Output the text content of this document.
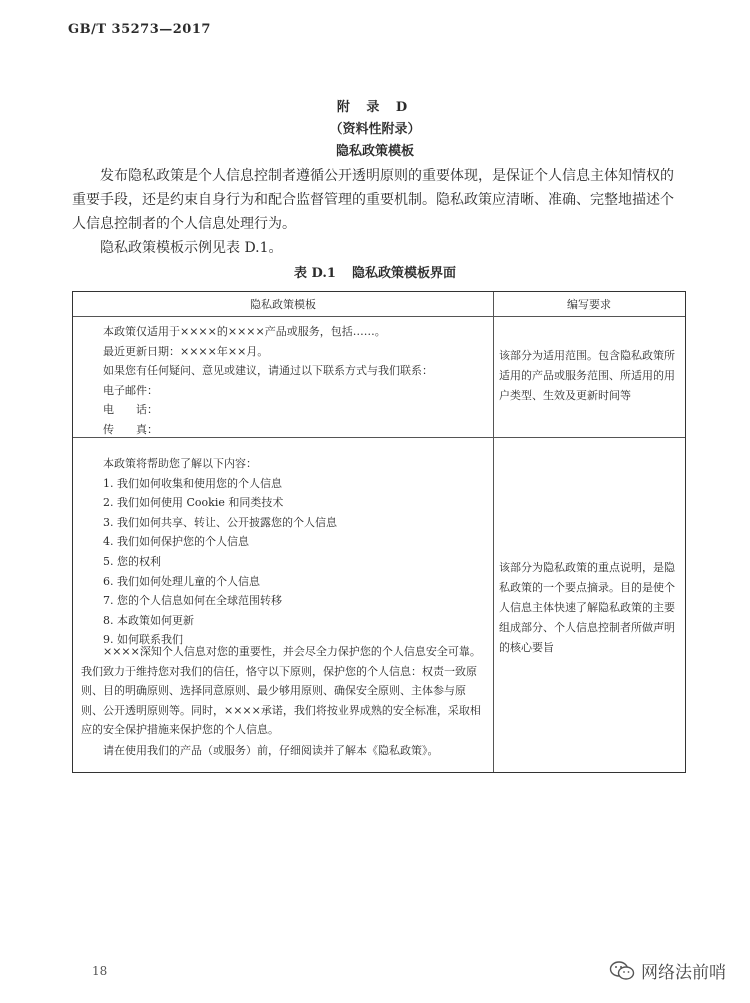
GB/T 35273—2017
附 录 D
（资料性附录）
隐私政策模板
发布隐私政策是个人信息控制者遵循公开透明原则的重要体现，是保证个人信息主体知情权的重要手段，还是约束自身行为和配合监督管理的重要机制。隐私政策应清晰、准确、完整地描述个人信息控制者的个人信息处理行为。
隐私政策模板示例见表 D.1。
表 D.1 隐私政策模板界面
隐私政策模板	编写要求
本政策仅适用于××××的××××产品或服务，包括……。
最近更新日期：××××年××月。
如果您有任何疑问、意见或建议，请通过以下联系方式与我们联系：
电子邮件：
电　　话：
传　　真：
该部分为适用范围。包含隐私政策所适用的产品或服务范围、所适用的用户类型、生效及更新时间等
本政策将帮助您了解以下内容：
1. 我们如何收集和使用您的个人信息
2. 我们如何使用 Cookie 和同类技术
3. 我们如何共享、转让、公开披露您的个人信息
4. 我们如何保护您的个人信息
5. 您的权利
6. 我们如何处理儿童的个人信息
7. 您的个人信息如何在全球范围转移
8. 本政策如何更新
9. 如何联系我们
××××深知个人信息对您的重要性，并会尽全力保护您的个人信息安全可靠。我们致力于维持您对我们的信任，恪守以下原则，保护您的个人信息：权责一致原则、目的明确原则、选择同意原则、最少够用原则、确保安全原则、主体参与原则、公开透明原则等。同时，××××承诺，我们将按业界成熟的安全标准，采取相应的安全保护措施来保护您的个人信息。
请在使用我们的产品（或服务）前，仔细阅读并了解本《隐私政策》。
该部分为隐私政策的重点说明，是隐私政策的一个要点摘录。目的是使个人信息主体快速了解隐私政策的主要组成部分、个人信息控制者所做声明的核心要旨
18	网络法前哨
